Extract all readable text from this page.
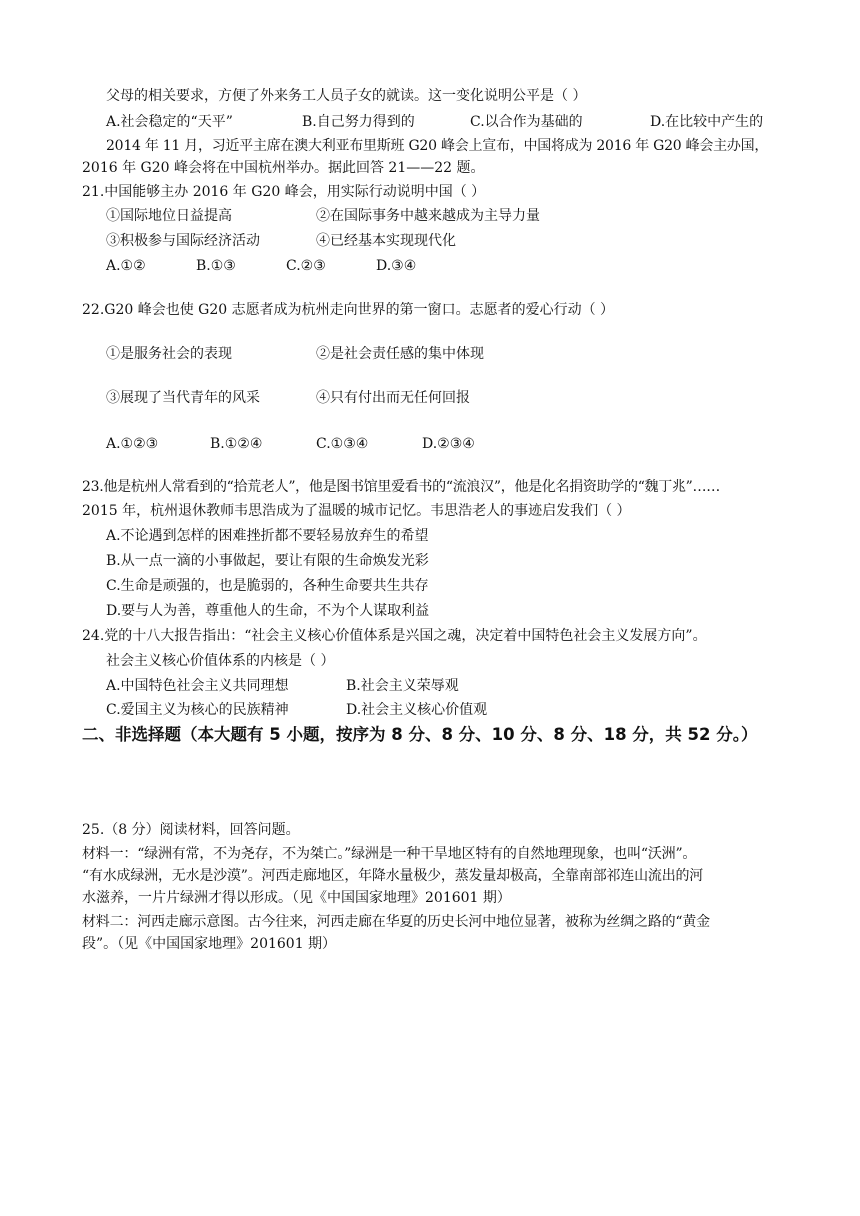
父母的相关要求，方便了外来务工人员子女的就读。这一变化说明公平是（ ）
A.社会稳定的“天平”	B.自己努力得到的	C.以合作为基础的	D.在比较中产生的
2014 年 11 月，习近平主席在澳大利亚布里斯班 G20 峰会上宣布，中国将成为 2016 年 G20 峰会主办国，
2016 年 G20 峰会将在中国杭州举办。据此回答 21——22 题。
21.中国能够主办 2016 年 G20 峰会，用实际行动说明中国（ ）
①国际地位日益提高	②在国际事务中越来越成为主导力量
③积极参与国际经济活动	④已经基本实现现代化
A.①②	B.①③	C.②③	D.③④
22.G20 峰会也使 G20 志愿者成为杭州走向世界的第一窗口。志愿者的爱心行动（ ）
①是服务社会的表现	②是社会责任感的集中体现
③展现了当代青年的风采	④只有付出而无任何回报
A.①②③	B.①②④	C.①③④	D.②③④
23.他是杭州人常看到的“拾荒老人”，他是图书馆里爱看书的“流浪汉”，他是化名捐资助学的“魏丁兆”……
2015 年，杭州退休教师韦思浩成为了温暖的城市记忆。韦思浩老人的事迹启发我们（ ）
A.不论遇到怎样的困难挫折都不要轻易放弃生的希望
B.从一点一滴的小事做起，要让有限的生命焕发光彩
C.生命是顽强的，也是脆弱的，各种生命要共生共存
D.要与人为善，尊重他人的生命，不为个人谋取利益
24.党的十八大报告指出：“社会主义核心价值体系是兴国之魂，决定着中国特色社会主义发展方向”。
社会主义核心价值体系的内核是（ ）
A.中国特色社会主义共同理想	B.社会主义荣辱观
C.爱国主义为核心的民族精神	D.社会主义核心价值观
二、非选择题（本大题有 5 小题，按序为 8 分、8 分、10 分、8 分、18 分，共 52 分。）
25.（8 分）阅读材料，回答问题。
材料一：“绿洲有常，不为尧存，不为桀亡。”绿洲是一种干旱地区特有的自然地理现象，也叫“沃洲”。
“有水成绿洲，无水是沙漠”。河西走廊地区，年降水量极少，蒸发量却极高，全靠南部祁连山流出的河
水滋养，一片片绿洲才得以形成。（见《中国国家地理》201601 期）
材料二：河西走廊示意图。古今往来，河西走廊在华夏的历史长河中地位显著，被称为丝绸之路的“黄金
段”。（见《中国国家地理》201601 期）
